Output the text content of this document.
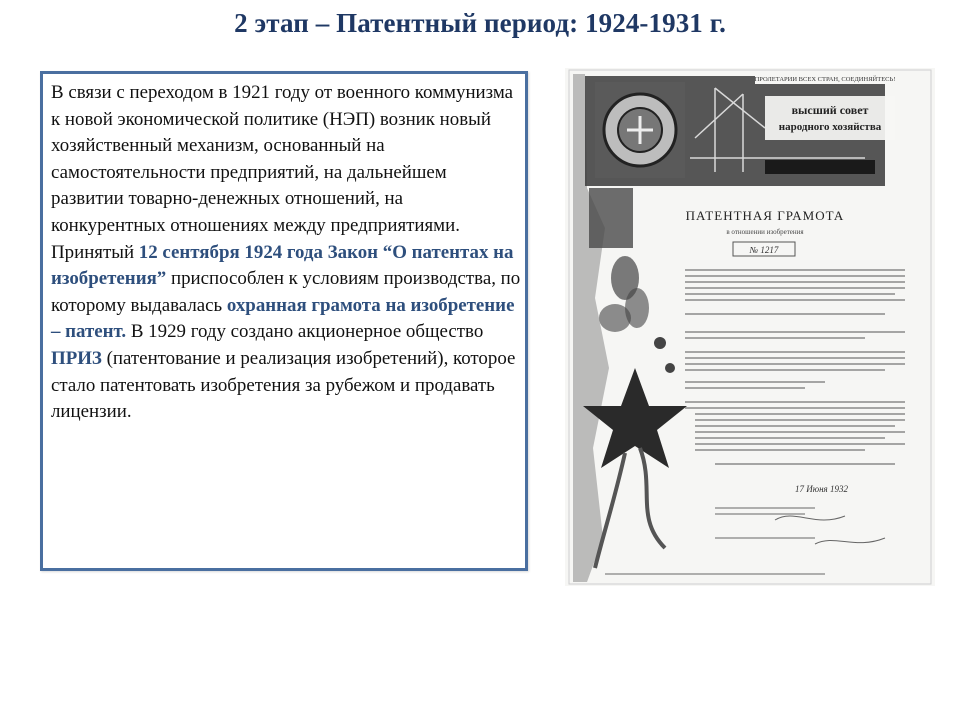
2 этап – Патентный период: 1924-1931 г.
В связи с переходом в 1921 году от военного коммунизма к новой экономической политике (НЭП) возник новый хозяйственный механизм, основанный на самостоятельности предприятий, на дальнейшем развитии товарно-денежных отношений, на конкурентных отношениях между предприятиями. Принятый 12 сентября 1924 года Закон “О патентах на изобретения” приспособлен к условиям производства, по которому выдавалась охранная грамота на изобретение – патент. В 1929 году создано акционерное общество ПРИЗ (патентование и реализация изобретений), которое стало патентовать изобретения за рубежом и продавать лицензии.
ПРОЛЕТАРИИ ВСЕХ СТРАН, СОЕДИНЯЙТЕСЬ!
высший совет
народного хозяйства
ПАТЕНТНАЯ ГРАМОТА
в отношении изобретения
№ 1217
17 Июня 1932
